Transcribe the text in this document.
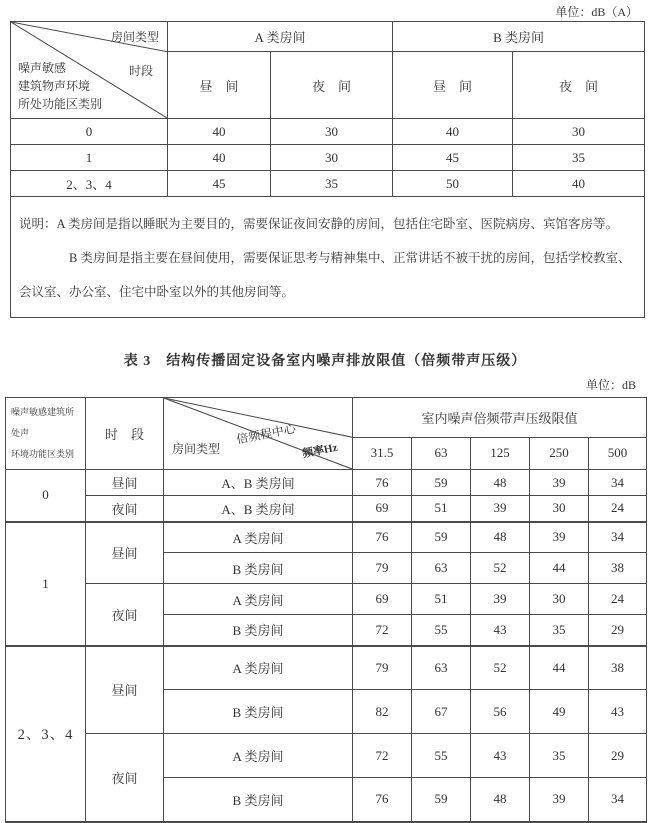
单位：dB（A）
房间类型
时段
噪声敏感
建筑物声环境
所处功能区类别	A 类房间		B 类房间	
	昼　间	夜　间	昼　间	夜　间
0	40	30	40	30
1	40	30	45	35
2、3、4	45	35	50	40

说明：A 类房间是指以睡眠为主要目的，需要保证夜间安静的房间，包括住宅卧室、医院病房、宾馆客房等。
B 类房间是指主要在昼间使用，需要保证思考与精神集中、正常讲话不被干扰的房间，包括学校教室、会议室、办公室、住宅中卧室以外的其他房间等。				
表 3　结构传播固定设备室内噪声排放限值（倍频带声压级）
单位：dB
噪声敏感建筑所处声
环境功能区类别	时　段	倍频程中心
频率Hz
房间类型	室内噪声倍频带声压级限值				
			31.5	63	125	250	500
0	昼间	A、B 类房间	76	59	48	39	34
	夜间	A、B 类房间	69	51	39	30	24
1	昼间	A 类房间	76	59	48	39	34
		B 类房间	79	63	52	44	38
	夜间	A 类房间	69	51	39	30	24
		B 类房间	72	55	43	35	29
2、3、4	昼间	A 类房间	79	63	52	44	38
		B 类房间	82	67	56	49	43
	夜间	A 类房间	72	55	43	35	29
		B 类房间	76	59	48	39	34
